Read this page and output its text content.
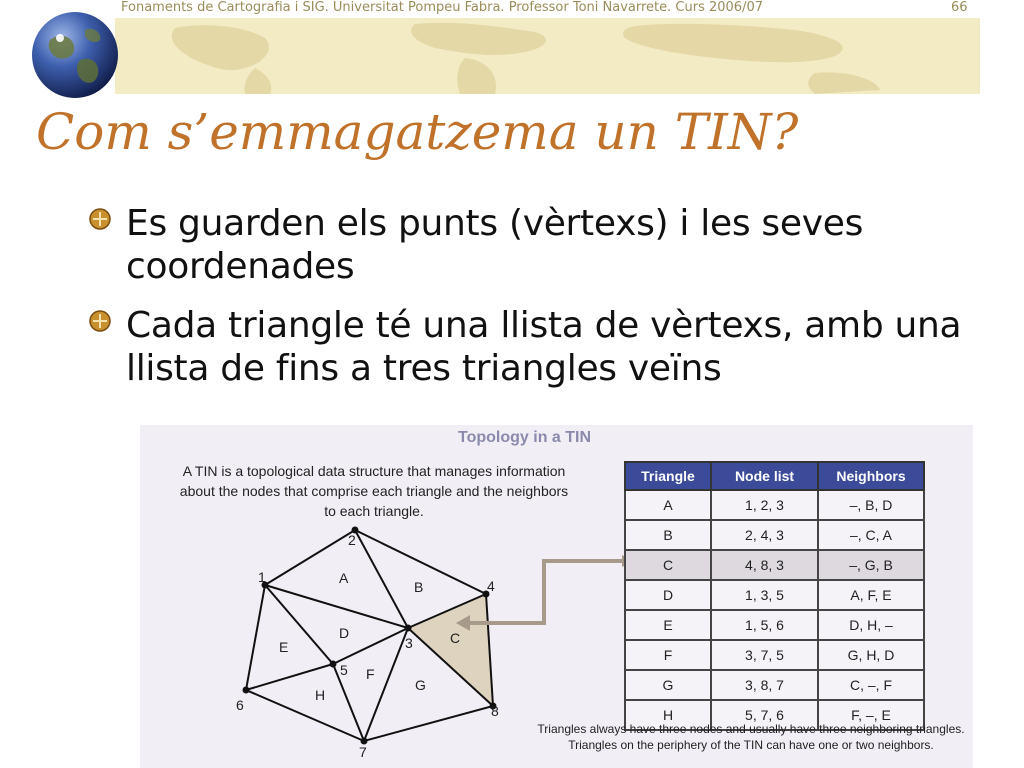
Fonaments de Cartografia i SIG. Universitat Pompeu Fabra. Professor Toni Navarrete. Curs 2006/07	66
Com s’emmagatzema un TIN?
Es guarden els punts (vèrtexs) i les seves coordenades
Cada triangle té una llista de vèrtexs, amb una llista de fins a tres triangles veïns
Topology in a TIN
A TIN is a topological data structure that manages information about the nodes that comprise each triangle and the neighbors to each triangle.
1
2
3
4
5
6
7
8
A
B
C
D
E
F
G
H
Triangle	Node list	Neighbors
A	1, 2, 3	–, B, D
B	2, 4, 3	–, C, A
C	4, 8, 3	–, G, B
D	1, 3, 5	A, F, E
E	1, 5, 6	D, H, –
F	3, 7, 5	G, H, D
G	3, 8, 7	C, –, F
H	5, 7, 6	F, –, E
Triangles always have three nodes and usually have three neighboring triangles. Triangles on the periphery of the TIN can have one or two neighbors.
